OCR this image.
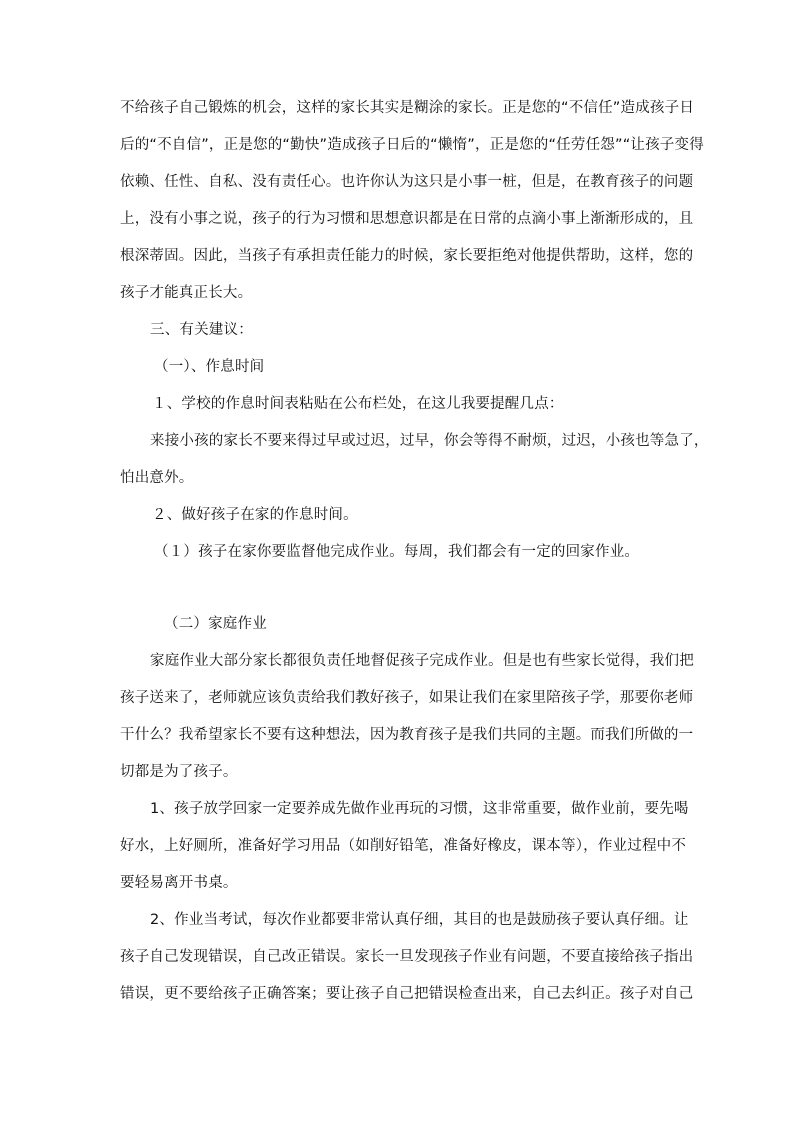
不给孩子自己锻炼的机会，这样的家长其实是糊涂的家长。正是您的“不信任”造成孩子日
后的“不自信”，正是您的“勤快”造成孩子日后的“懒惰”，正是您的“任劳任怨”“让孩子变得
依赖、任性、自私、没有责任心。也许你认为这只是小事一桩，但是，在教育孩子的问题
上，没有小事之说，孩子的行为习惯和思想意识都是在日常的点滴小事上渐渐形成的，且
根深蒂固。因此，当孩子有承担责任能力的时候，家长要拒绝对他提供帮助，这样，您的
孩子才能真正长大。
三、有关建议：
（一）、作息时间
１、学校的作息时间表粘贴在公布栏处，在这儿我要提醒几点：
来接小孩的家长不要来得过早或过迟，过早，你会等得不耐烦，过迟，小孩也等急了，
怕出意外。
２、做好孩子在家的作息时间。
（１）孩子在家你要监督他完成作业。每周，我们都会有一定的回家作业。
（二）家庭作业
家庭作业大部分家长都很负责任地督促孩子完成作业。但是也有些家长觉得，我们把
孩子送来了，老师就应该负责给我们教好孩子，如果让我们在家里陪孩子学，那要你老师
干什么？我希望家长不要有这种想法，因为教育孩子是我们共同的主题。而我们所做的一
切都是为了孩子。
1、孩子放学回家一定要养成先做作业再玩的习惯，这非常重要，做作业前，要先喝
好水，上好厕所，准备好学习用品（如削好铅笔，准备好橡皮，课本等），作业过程中不
要轻易离开书桌。
2、作业当考试，每次作业都要非常认真仔细，其目的也是鼓励孩子要认真仔细。让
孩子自己发现错误，自己改正错误。家长一旦发现孩子作业有问题，不要直接给孩子指出
错误，更不要给孩子正确答案；要让孩子自己把错误检查出来，自己去纠正。孩子对自己
